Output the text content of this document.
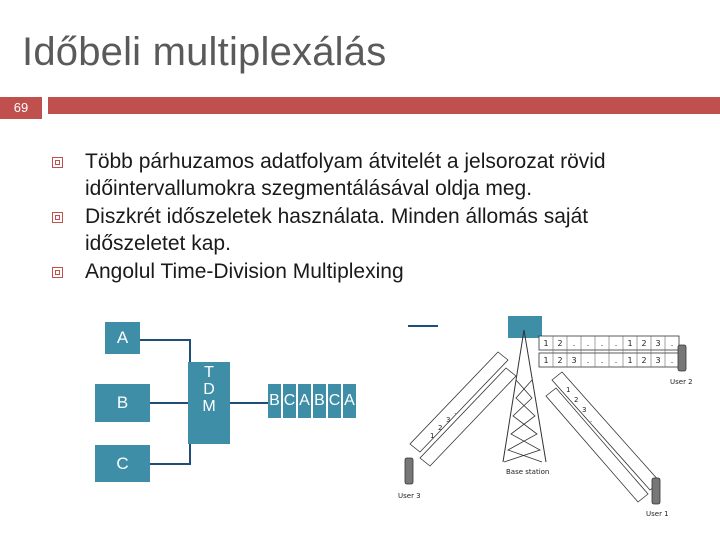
Időbeli multiplexálás
69
Több párhuzamos adatfolyam átvitelét a jelsorozat rövid időintervallumokra szegmentálásával oldja meg.
Diszkrét időszeletek használata. Minden állomás saját időszeletet kap.
Angolul Time-Division Multiplexing
A
B
C
T
D
M	B C A B C A
1 2 . . . . 1 2 3 .
1 2 3 . . . 1 2 3 .
1
2
3
.
1
2
3
.
Base station
User 2
User 3
User 1
